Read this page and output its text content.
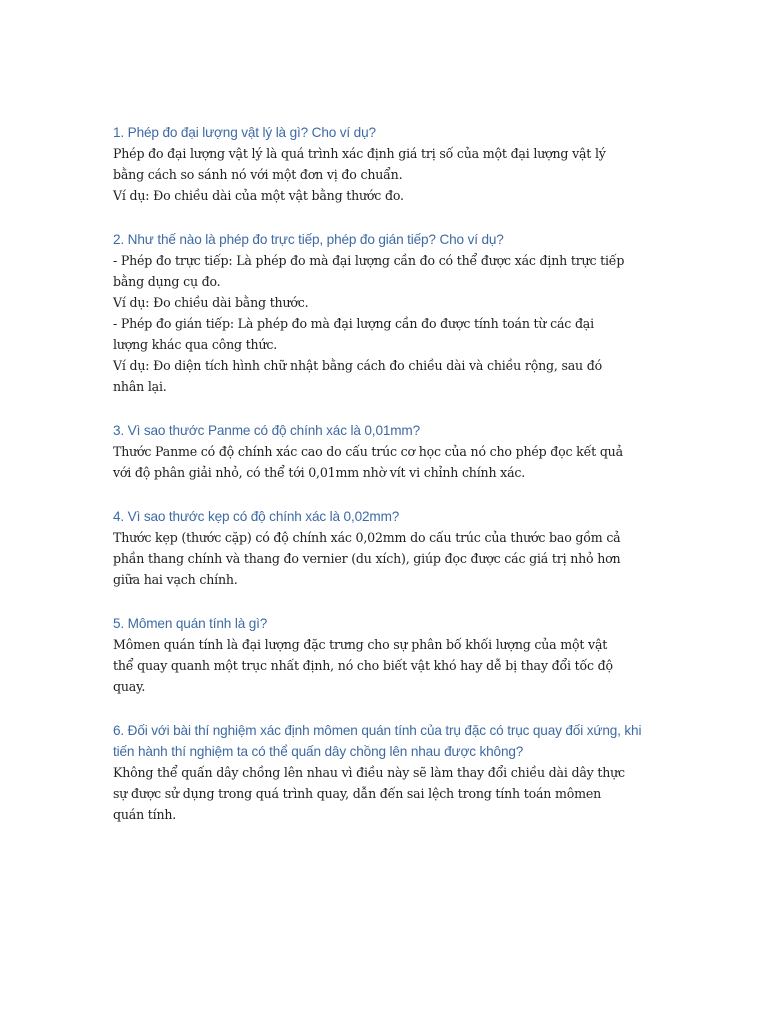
1. Phép đo đại lượng vật lý là gì? Cho ví dụ?

Phép đo đại lượng vật lý là quá trình xác định giá trị số của một đại lượng vật lý

bằng cách so sánh nó với một đơn vị đo chuẩn.

Ví dụ: Đo chiều dài của một vật bằng thước đo.

2. Như thế nào là phép đo trực tiếp, phép đo gián tiếp? Cho ví dụ?

- Phép đo trực tiếp: Là phép đo mà đại lượng cần đo có thể được xác định trực tiếp

bằng dụng cụ đo.

Ví dụ: Đo chiều dài bằng thước.

- Phép đo gián tiếp: Là phép đo mà đại lượng cần đo được tính toán từ các đại

lượng khác qua công thức.

Ví dụ: Đo diện tích hình chữ nhật bằng cách đo chiều dài và chiều rộng, sau đó

nhân lại.

3. Vì sao thước Panme có độ chính xác là 0,01mm?

Thước Panme có độ chính xác cao do cấu trúc cơ học của nó cho phép đọc kết quả

với độ phân giải nhỏ, có thể tới 0,01mm nhờ vít vi chỉnh chính xác.

4. Vì sao thước kẹp có độ chính xác là 0,02mm?

Thước kẹp (thước cặp) có độ chính xác 0,02mm do cấu trúc của thước bao gồm cả

phần thang chính và thang đo vernier (du xích), giúp đọc được các giá trị nhỏ hơn

giữa hai vạch chính.

5. Mômen quán tính là gì?

Mômen quán tính là đại lượng đặc trưng cho sự phân bố khối lượng của một vật

thể quay quanh một trục nhất định, nó cho biết vật khó hay dễ bị thay đổi tốc độ

quay.

6. Đối với bài thí nghiệm xác định mômen quán tính của trụ đặc có trục quay đối xứng, khi tiến hành thí nghiệm ta có thể quấn dây chồng lên nhau được không?

Không thể quấn dây chồng lên nhau vì điều này sẽ làm thay đổi chiều dài dây thực

sự được sử dụng trong quá trình quay, dẫn đến sai lệch trong tính toán mômen

quán tính.
